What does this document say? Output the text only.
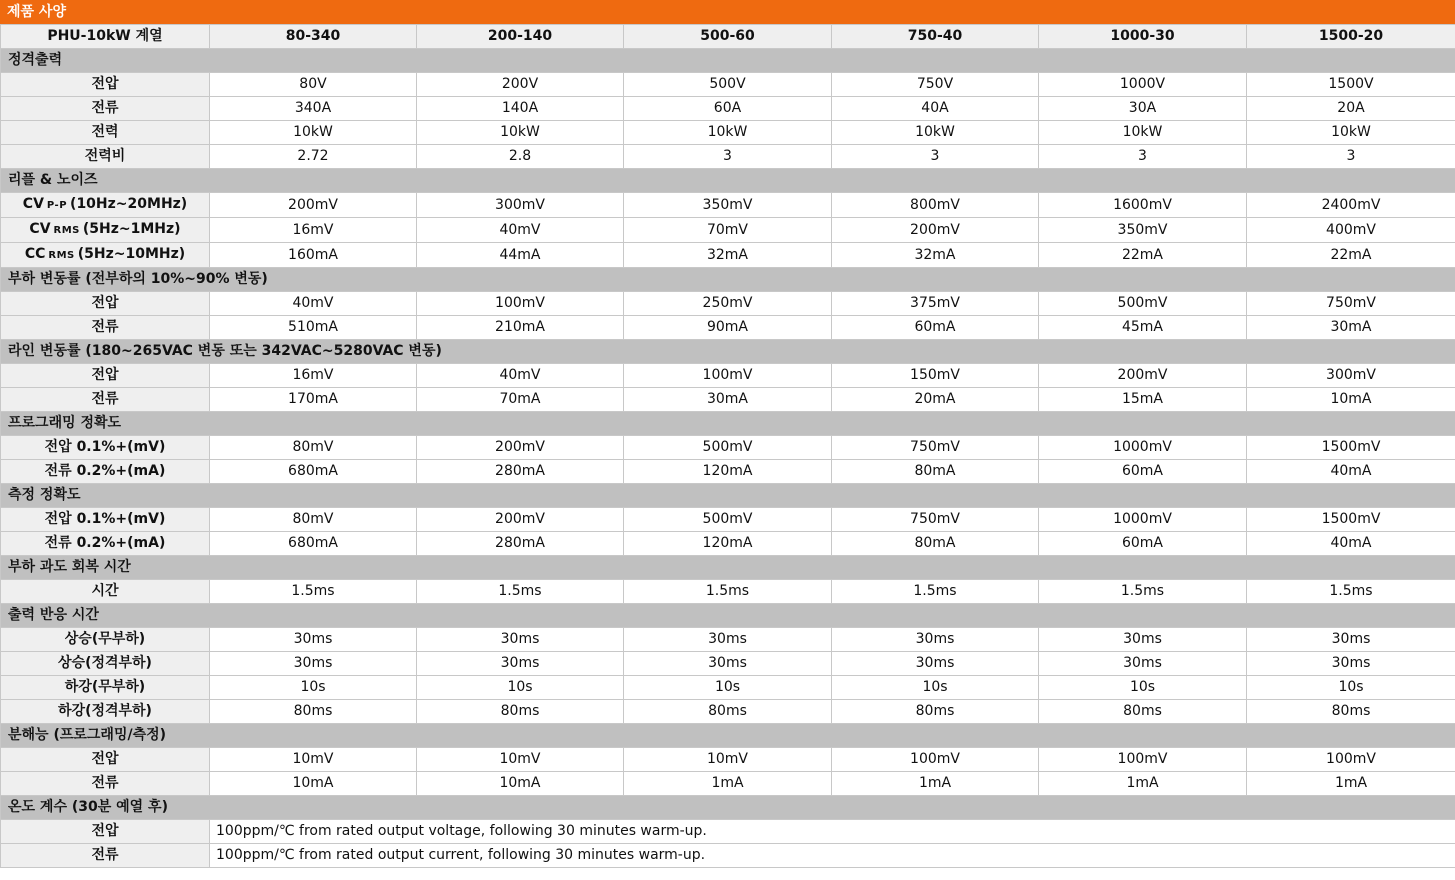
제품 사양
PHU-10kW 계열	80-340	200-140	500-60	750-40	1000-30	1500-20
정격출력						
전압	80V	200V	500V	750V	1000V	1500V
전류	340A	140A	60A	40A	30A	20A
전력	10kW	10kW	10kW	10kW	10kW	10kW
전력비	2.72	2.8	3	3	3	3
리플 & 노이즈						
CV P-P (10Hz~20MHz)	200mV	300mV	350mV	800mV	1600mV	2400mV
CV RMS (5Hz~1MHz)	16mV	40mV	70mV	200mV	350mV	400mV
CC RMS (5Hz~10MHz)	160mA	44mA	32mA	32mA	22mA	22mA
부하 변동률 (전부하의 10%~90% 변동)						
전압	40mV	100mV	250mV	375mV	500mV	750mV
전류	510mA	210mA	90mA	60mA	45mA	30mA
라인 변동률 (180~265VAC 변동 또는 342VAC~5280VAC 변동)						
전압	16mV	40mV	100mV	150mV	200mV	300mV
전류	170mA	70mA	30mA	20mA	15mA	10mA
프로그래밍 정확도						
전압 0.1%+(mV)	80mV	200mV	500mV	750mV	1000mV	1500mV
전류 0.2%+(mA)	680mA	280mA	120mA	80mA	60mA	40mA
측정 정확도						
전압 0.1%+(mV)	80mV	200mV	500mV	750mV	1000mV	1500mV
전류 0.2%+(mA)	680mA	280mA	120mA	80mA	60mA	40mA
부하 과도 회복 시간						
시간	1.5ms	1.5ms	1.5ms	1.5ms	1.5ms	1.5ms
출력 반응 시간						
상승(무부하)	30ms	30ms	30ms	30ms	30ms	30ms
상승(정격부하)	30ms	30ms	30ms	30ms	30ms	30ms
하강(무부하)	10s	10s	10s	10s	10s	10s
하강(정격부하)	80ms	80ms	80ms	80ms	80ms	80ms
분해능 (프로그래밍/측정)						
전압	10mV	10mV	10mV	100mV	100mV	100mV
전류	10mA	10mA	1mA	1mA	1mA	1mA
온도 계수 (30분 예열 후)						
전압	100ppm/℃ from rated output voltage, following 30 minutes warm-up.					
전류	100ppm/℃ from rated output current, following 30 minutes warm-up.					
